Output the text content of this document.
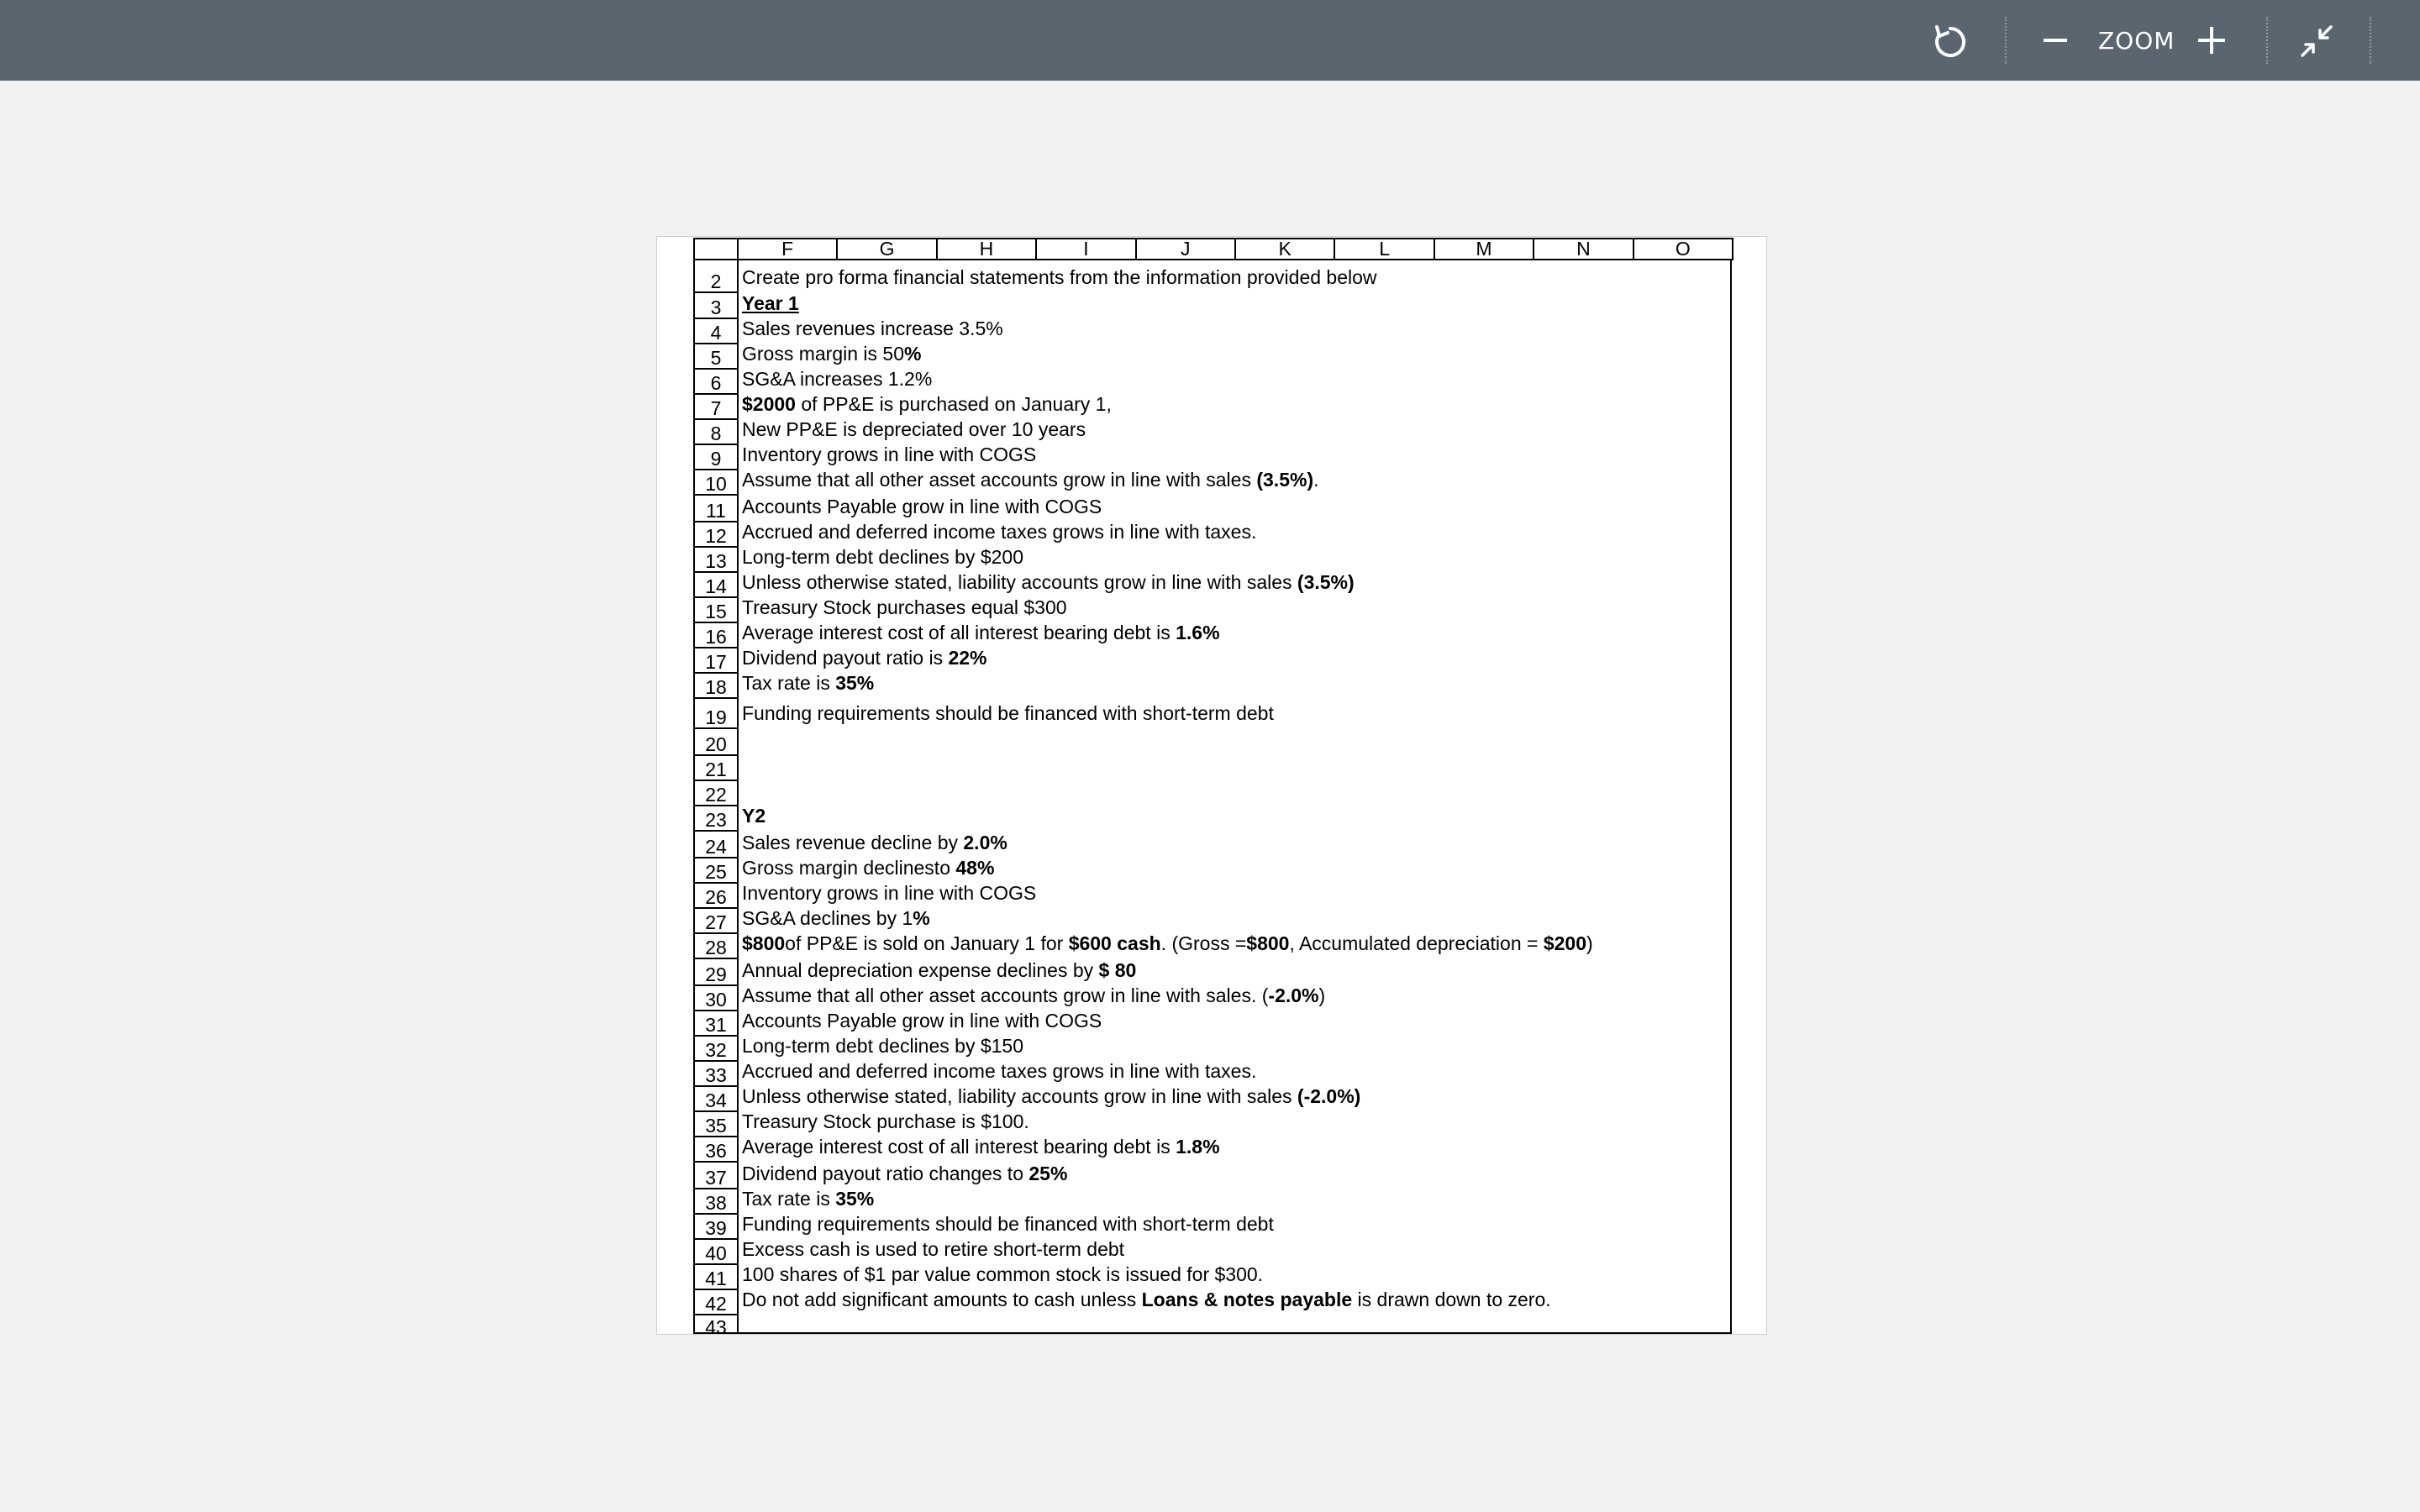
ZOOM
F	G	H	I	J	K	L	M	N	O
2	Create pro forma financial statements from the information provided below
3	Year 1
4	Sales revenues increase 3.5%
5	Gross margin is 50%
6	SG&A increases 1.2%
7	$2000 of PP&E is purchased on January 1,
8	New PP&E is depreciated over 10 years
9	Inventory grows in line with COGS
10 Assume that all other asset accounts grow in line with sales (3.5%).
11 Accounts Payable grow in line with COGS
12 Accrued and deferred income taxes grows in line with taxes.
13 Long-term debt declines by $200
14 Unless otherwise stated, liability accounts grow in line with sales (3.5%)
15 Treasury Stock purchases equal $300
16 Average interest cost of all interest bearing debt is 1.6%
17 Dividend payout ratio is 22%
18 Tax rate is 35%
19 Funding requirements should be financed with short-term debt
20
21
22
23 Y2
24 Sales revenue decline by 2.0%
25 Gross margin declinesto 48%
26 Inventory grows in line with COGS
27 SG&A declines by 1%
28 $800of PP&E is sold on January 1 for $600 cash. (Gross =$800, Accumulated depreciation = $200)
29 Annual depreciation expense declines by $ 80
30 Assume that all other asset accounts grow in line with sales. (-2.0%)
31 Accounts Payable grow in line with COGS
32 Long-term debt declines by $150
33 Accrued and deferred income taxes grows in line with taxes.
34 Unless otherwise stated, liability accounts grow in line with sales (-2.0%)
35 Treasury Stock purchase is $100.
36 Average interest cost of all interest bearing debt is 1.8%
37 Dividend payout ratio changes to 25%
38 Tax rate is 35%
39 Funding requirements should be financed with short-term debt
40 Excess cash is used to retire short-term debt
41 100 shares of $1 par value common stock is issued for $300.
42 Do not add significant amounts to cash unless Loans & notes payable is drawn down to zero.
43
